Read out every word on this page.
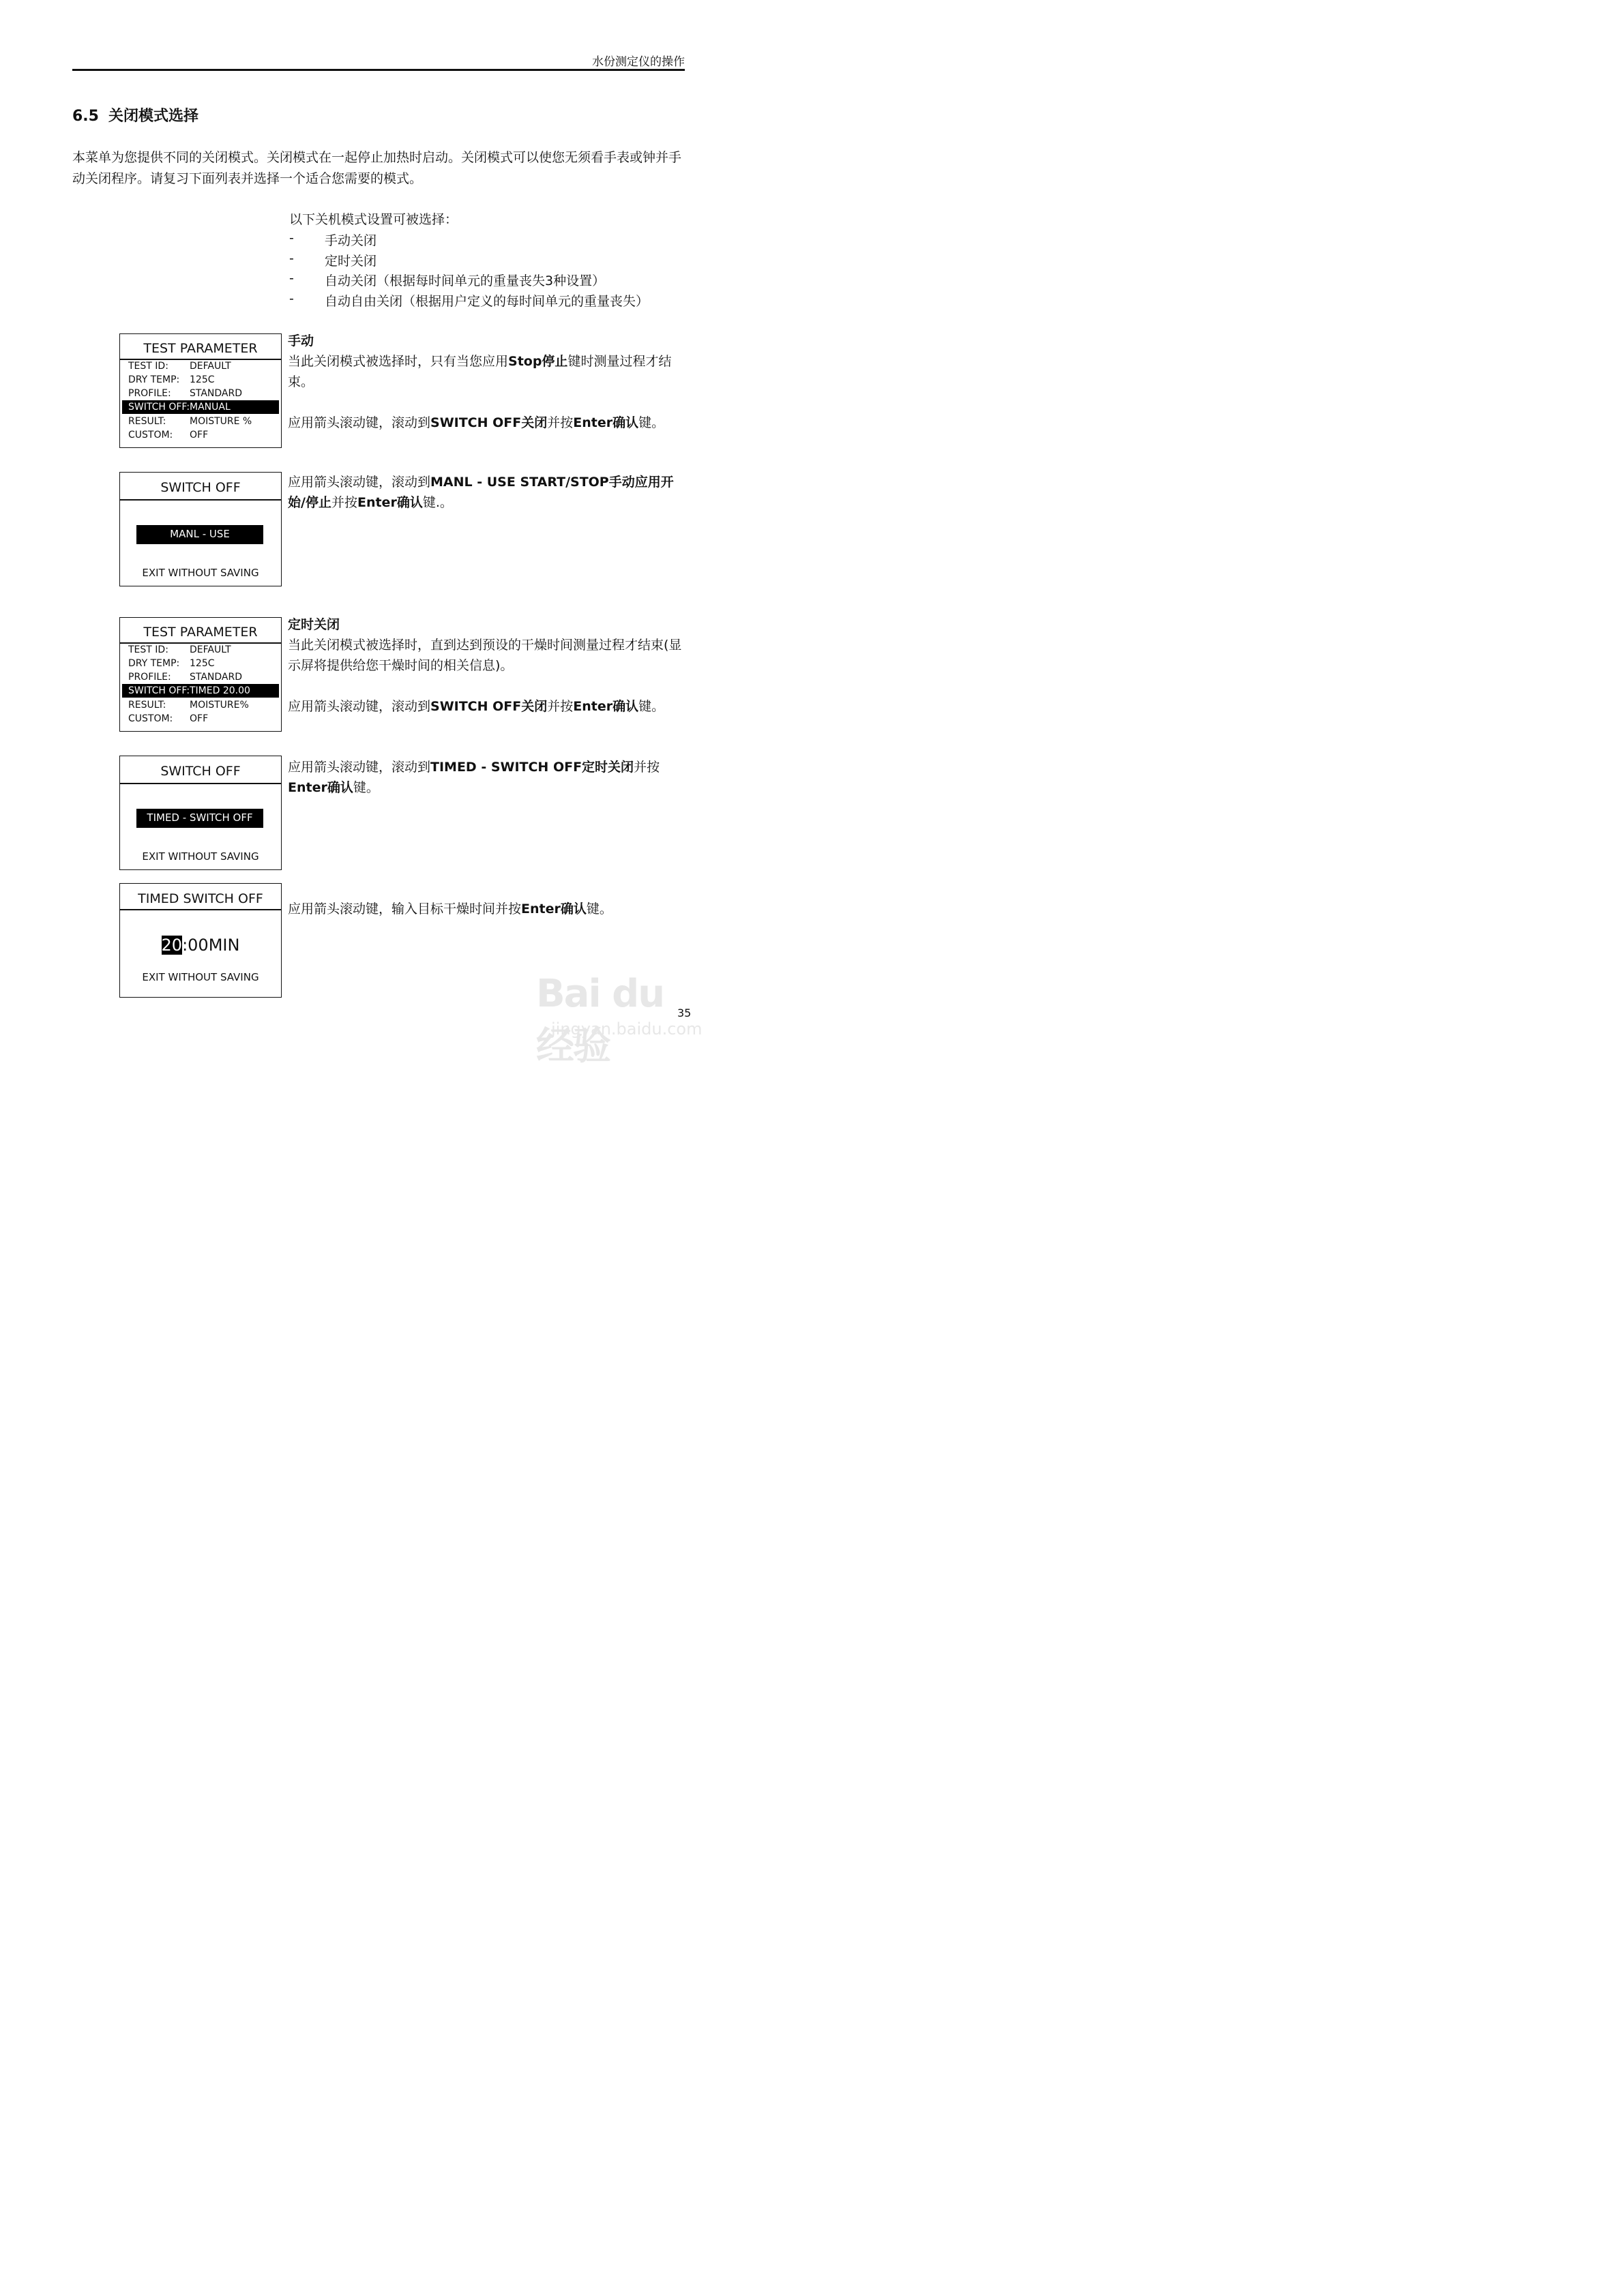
水份测定仪的操作
6.5 关闭模式选择
本菜单为您提供不同的关闭模式。关闭模式在一起停止加热时启动。关闭模式可以使您无须看手表或钟并手动关闭程序。请复习下面列表并选择一个适合您需要的模式。
以下关机模式设置可被选择：
- 手动关闭
- 定时关闭
- 自动关闭（根据每时间单元的重量丧失3种设置）
- 自动自由关闭（根据用户定义的每时间单元的重量丧失）
TEST PARAMETER
TEST ID: DEFAULT
DRY TEMP: 125C
PROFILE: STANDARD
SWITCH OFF: MANUAL
RESULT: MOISTURE %
CUSTOM: OFF
手动
当此关闭模式被选择时，只有当您应用Stop停止键时测量过程才结束。
应用箭头滚动键，滚动到SWITCH OFF关闭并按Enter确认键。
SWITCH OFF
MANL - USE STARD/STOP
EXIT WITHOUT SAVING
应用箭头滚动键，滚动到MANL - USE START/STOP手动应用开始/停止并按Enter确认键.。
TEST PARAMETER
TEST ID: DEFAULT
DRY TEMP: 125C
PROFILE: STANDARD
SWITCH OFF: TIMED 20.00
RESULT: MOISTURE%
CUSTOM: OFF
定时关闭
当此关闭模式被选择时，直到达到预设的干燥时间测量过程才结束(显示屏将提供给您干燥时间的相关信息)。
应用箭头滚动键，滚动到SWITCH OFF关闭并按Enter确认键。
SWITCH OFF
TIMED - SWITCH OFF
EXIT WITHOUT SAVING
应用箭头滚动键，滚动到TIMED - SWITCH OFF定时关闭并按
Enter确认键。
TIMED SWITCH OFF
20:00MIN
EXIT WITHOUT SAVING
应用箭头滚动键，输入目标干燥时间并按Enter确认键。
Bai du 经验
jingyan.baidu.com
35
